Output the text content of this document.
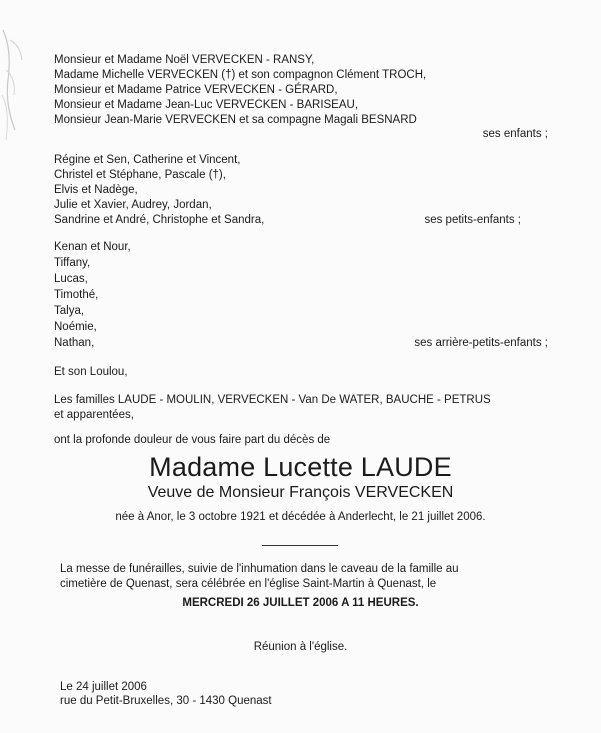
Monsieur et Madame Noël VERVECKEN - RANSY,
Madame Michelle VERVECKEN (†) et son compagnon Clément TROCH,
Monsieur et Madame Patrice VERVECKEN - GÉRARD,
Monsieur et Madame Jean-Luc VERVECKEN - BARISEAU,
Monsieur Jean-Marie VERVECKEN et sa compagne Magali BESNARD
ses enfants ;
Régine et Sen, Catherine et Vincent,
Christel et Stéphane, Pascale (†),
Elvis et Nadège,
Julie et Xavier, Audrey, Jordan,
Sandrine et André, Christophe et Sandra,	ses petits-enfants ;
Kenan et Nour,
Tiffany,
Lucas,
Timothé,
Talya,
Noémie,
Nathan,	ses arrière-petits-enfants ;
Et son Loulou,
Les familles LAUDE - MOULIN, VERVECKEN - Van De WATER, BAUCHE - PETRUS
et apparentées,
ont la profonde douleur de vous faire part du décès de
Madame Lucette LAUDE
Veuve de Monsieur François VERVECKEN
née à Anor, le 3 octobre 1921 et décédée à Anderlecht, le 21 juillet 2006.
La messe de funérailles, suivie de l'inhumation dans le caveau de la famille au
cimetière de Quenast, sera célébrée en l'église Saint-Martin à Quenast, le
MERCREDI 26 JUILLET 2006 A 11 HEURES.
Réunion à l'église.
Le 24 juillet 2006
rue du Petit-Bruxelles, 30 - 1430 Quenast
